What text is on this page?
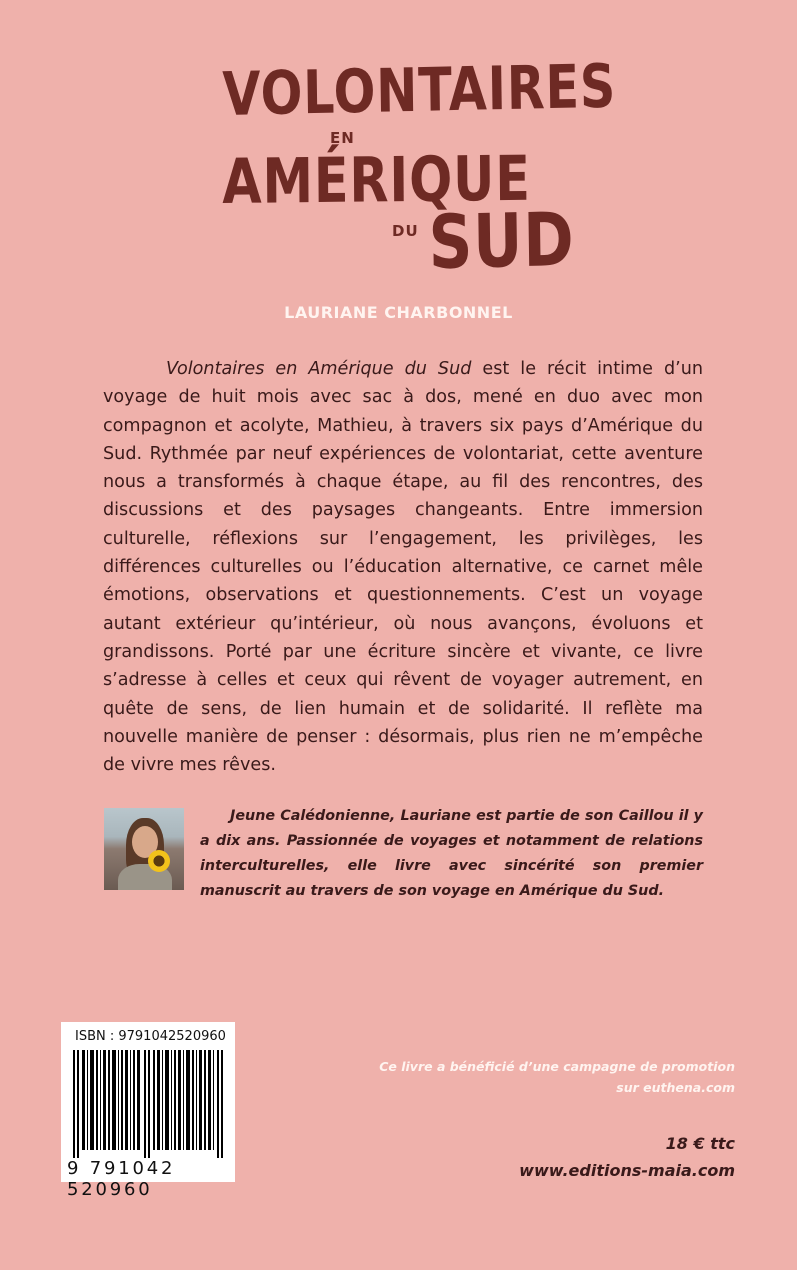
VOLONTAIRES
EN
AMÉRIQUE
DU SUD
LAURIANE CHARBONNEL

Volontaires en Amérique du Sud est le récit intime d’un voyage de huit mois avec sac à dos, mené en duo avec mon compagnon et acolyte, Mathieu, à travers six pays d’Amérique du Sud. Rythmée par neuf expériences de volontariat, cette aventure nous a transformés à chaque étape, au fil des rencontres, des discussions et des paysages changeants. Entre immersion culturelle, réflexions sur l’engagement, les privilèges, les différences culturelles ou l’éducation alternative, ce carnet mêle émotions, observations et questionnements. C’est un voyage autant extérieur qu’intérieur, où nous avançons, évoluons et grandissons. Porté par une écriture sincère et vivante, ce livre s’adresse à celles et ceux qui rêvent de voyager autrement, en quête de sens, de lien humain et de solidarité. Il reflète ma nouvelle manière de penser : désormais, plus rien ne m’empêche de vivre mes rêves.

Jeune Calédonienne, Lauriane est partie de son Caillou il y a dix ans. Passionnée de voyages et notamment de relations interculturelles, elle livre avec sincérité son premier manuscrit au travers de son voyage en Amérique du Sud.

ISBN : 9791042520960
9 791042 520960
Ce livre a bénéficié d’une campagne de promotion
sur euthena.com
18 € ttc
www.editions-maia.com
